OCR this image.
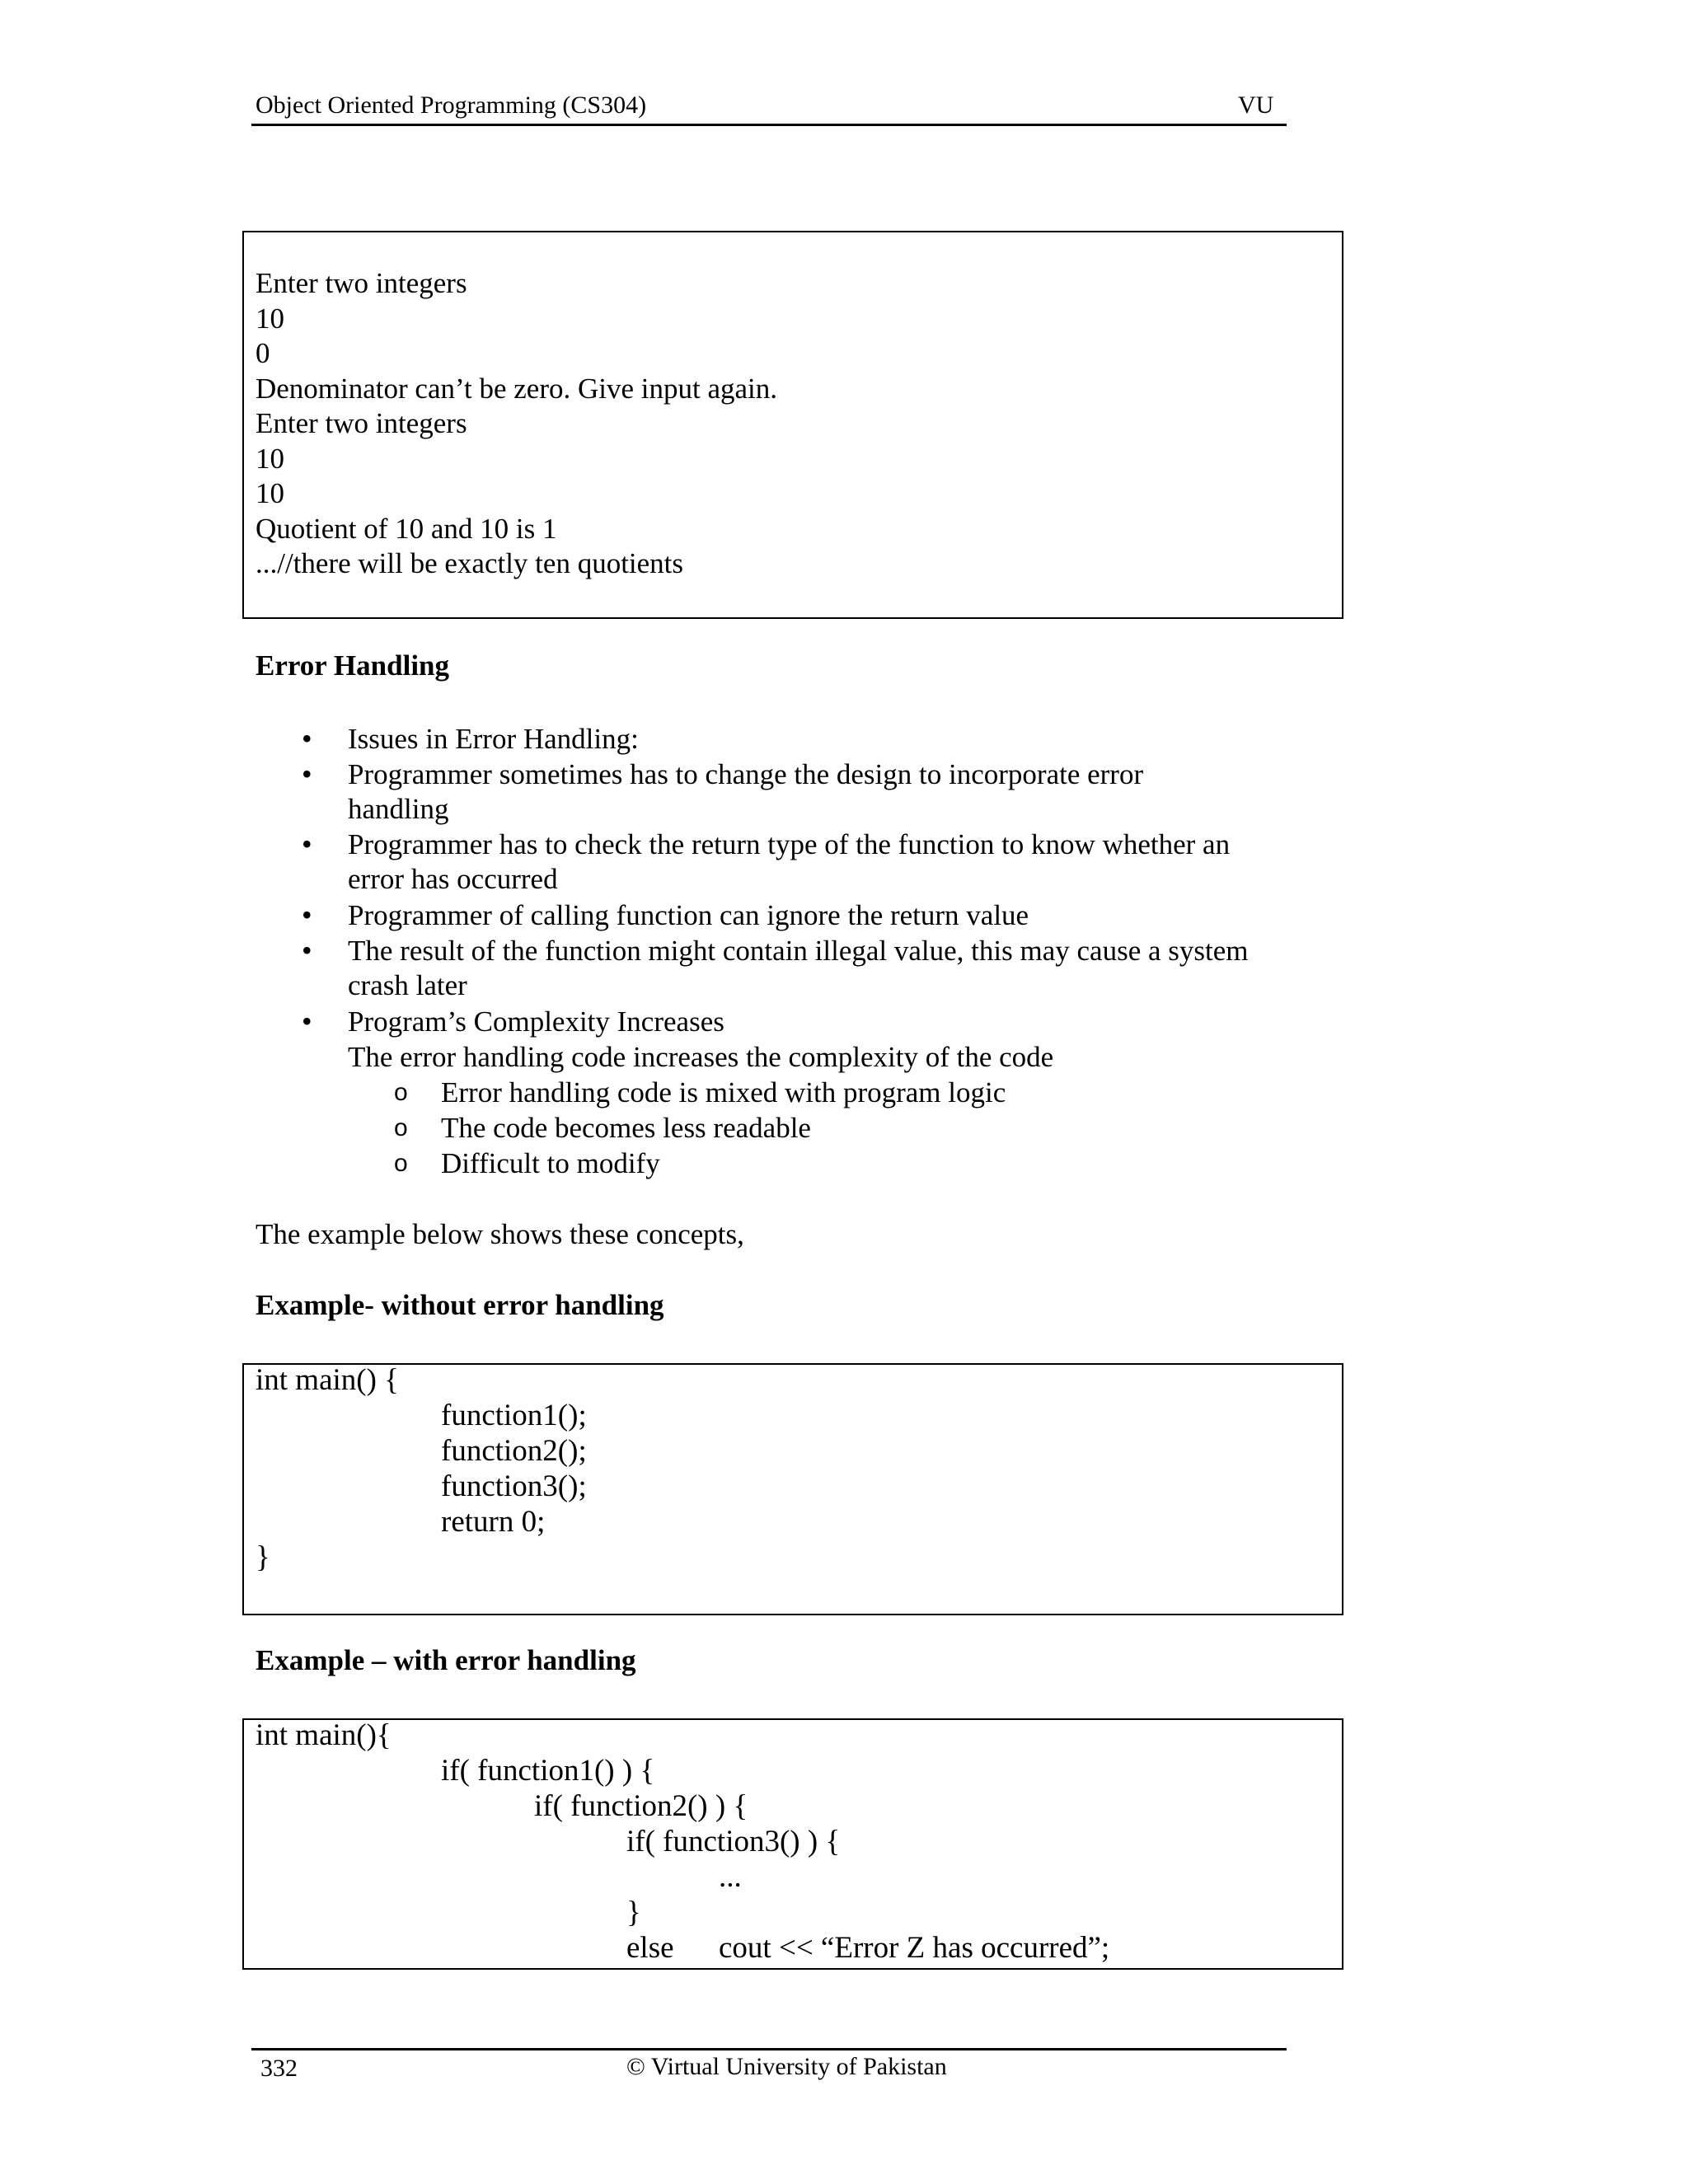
Object Oriented Programming (CS304)	VU
Enter two integers
10
0
Denominator can’t be zero. Give input again.
Enter two integers
10
10
Quotient of 10 and 10 is 1
...//there will be exactly ten quotients
Error Handling
• Issues in Error Handling:
• Programmer sometimes has to change the design to incorporate error
handling
• Programmer has to check the return type of the function to know whether an
error has occurred
• Programmer of calling function can ignore the return value
• The result of the function might contain illegal value, this may cause a system
crash later
• Program’s Complexity Increases
The error handling code increases the complexity of the code
o Error handling code is mixed with program logic
o The code becomes less readable
o Difficult to modify
The example below shows these concepts,
Example- without error handling
int main() {
function1();
function2();
function3();
return 0;
}
Example – with error handling
int main(){
if( function1() ) {
if( function2() ) {
if( function3() ) {
...
}
else cout << “Error Z has occurred”;
332	© Virtual University of Pakistan
